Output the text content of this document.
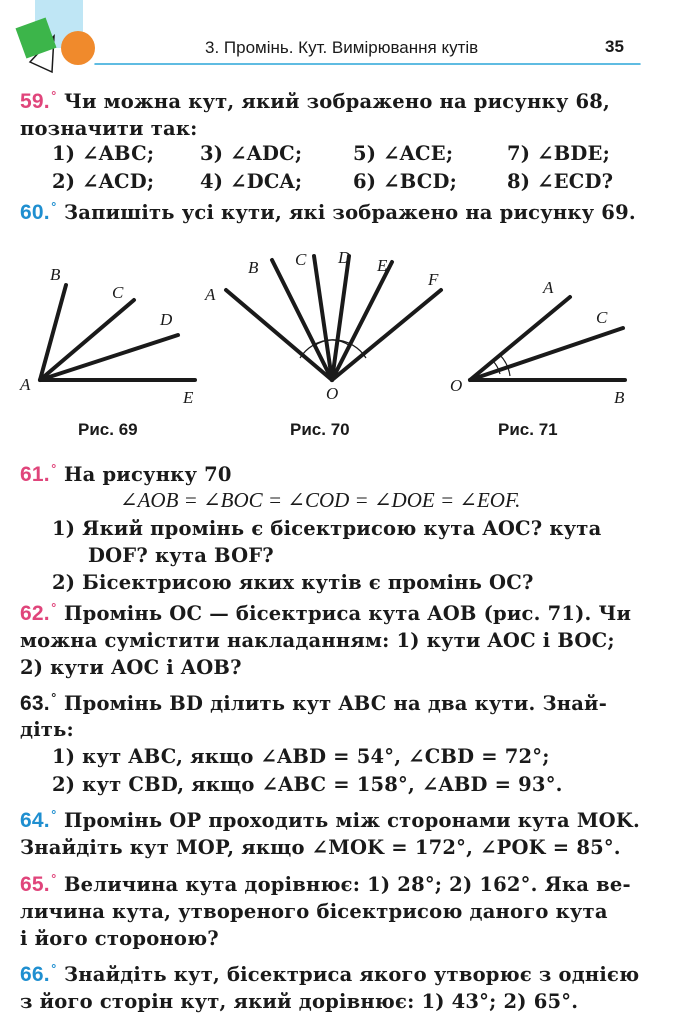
3. Промінь. Кут. Вимірювання кутів	35
59.° Чи можна кут, який зображено на рисунку 68,
позначити так:
1) ∠ABC; 3) ∠ADC;	5) ∠ACE;	7) ∠BDE;
2) ∠ACD; 4) ∠DCA;	6) ∠BCD;	8) ∠ECD?
60.° Запишіть усі кути, які зображено на рисунку 69.
B
C
D
A
E
A
B C D E
F
O
A
C
O
B
Рис. 69	Рис. 70	Рис. 71
61.° На рисунку 70
∠AOB = ∠BOC = ∠COD = ∠DOE = ∠EOF.
1) Який промінь є бісектрисою кута AOC? кута
DOF? кута BOF?
2) Бісектрисою яких кутів є промінь OC?
62.° Промінь OC — бісектриса кута AOB (рис. 71). Чи
можна сумістити накладанням: 1) кути AOC і BOC;
2) кути AOC і AOB?
63.° Промінь BD ділить кут ABC на два кути. Знай-
діть:
1) кут ABC, якщо ∠ABD = 54°, ∠CBD = 72°;
2) кут CBD, якщо ∠ABC = 158°, ∠ABD = 93°.
64.° Промінь OP проходить між сторонами кута MOK.
Знайдіть кут MOP, якщо ∠MOK = 172°, ∠POK = 85°.
65.° Величина кута дорівнює: 1) 28°; 2) 162°. Яка ве-
личина кута, утвореного бісектрисою даного кута
і його стороною?
66.° Знайдіть кут, бісектриса якого утворює з однією
з його сторін кут, який дорівнює: 1) 43°; 2) 65°.
